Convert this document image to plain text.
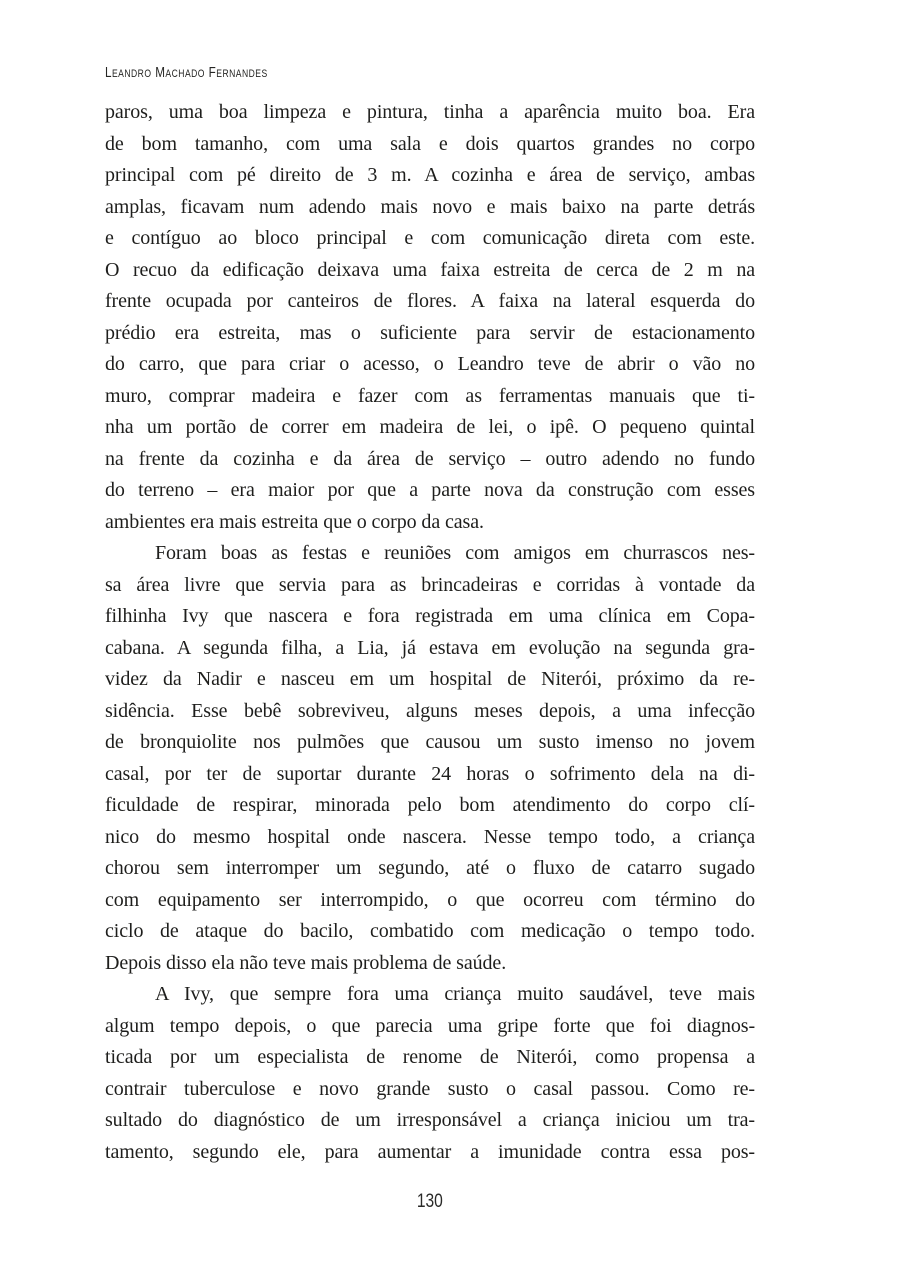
Leandro Machado Fernandes
paros, uma boa limpeza e pintura, tinha a aparência muito boa. Era
de bom tamanho, com uma sala e dois quartos grandes no corpo
principal com pé direito de 3 m. A cozinha e área de serviço, ambas
amplas, ficavam num adendo mais novo e mais baixo na parte detrás
e contíguo ao bloco principal e com comunicação direta com este.
O recuo da edificação deixava uma faixa estreita de cerca de 2 m na
frente ocupada por canteiros de flores. A faixa na lateral esquerda do
prédio era estreita, mas o suficiente para servir de estacionamento
do carro, que para criar o acesso, o Leandro teve de abrir o vão no
muro, comprar madeira e fazer com as ferramentas manuais que ti-
nha um portão de correr em madeira de lei, o ipê. O pequeno quintal
na frente da cozinha e da área de serviço – outro adendo no fundo
do terreno – era maior por que a parte nova da construção com esses
ambientes era mais estreita que o corpo da casa.
Foram boas as festas e reuniões com amigos em churrascos nes-
sa área livre que servia para as brincadeiras e corridas à vontade da
filhinha Ivy que nascera e fora registrada em uma clínica em Copa-
cabana. A segunda filha, a Lia, já estava em evolução na segunda gra-
videz da Nadir e nasceu em um hospital de Niterói, próximo da re-
sidência. Esse bebê sobreviveu, alguns meses depois, a uma infecção
de bronquiolite nos pulmões que causou um susto imenso no jovem
casal, por ter de suportar durante 24 horas o sofrimento dela na di-
ficuldade de respirar, minorada pelo bom atendimento do corpo clí-
nico do mesmo hospital onde nascera. Nesse tempo todo, a criança
chorou sem interromper um segundo, até o fluxo de catarro sugado
com equipamento ser interrompido, o que ocorreu com término do
ciclo de ataque do bacilo, combatido com medicação o tempo todo.
Depois disso ela não teve mais problema de saúde.
A Ivy, que sempre fora uma criança muito saudável, teve mais
algum tempo depois, o que parecia uma gripe forte que foi diagnos-
ticada por um especialista de renome de Niterói, como propensa a
contrair tuberculose e novo grande susto o casal passou. Como re-
sultado do diagnóstico de um irresponsável a criança iniciou um tra-
tamento, segundo ele, para aumentar a imunidade contra essa pos-
130
